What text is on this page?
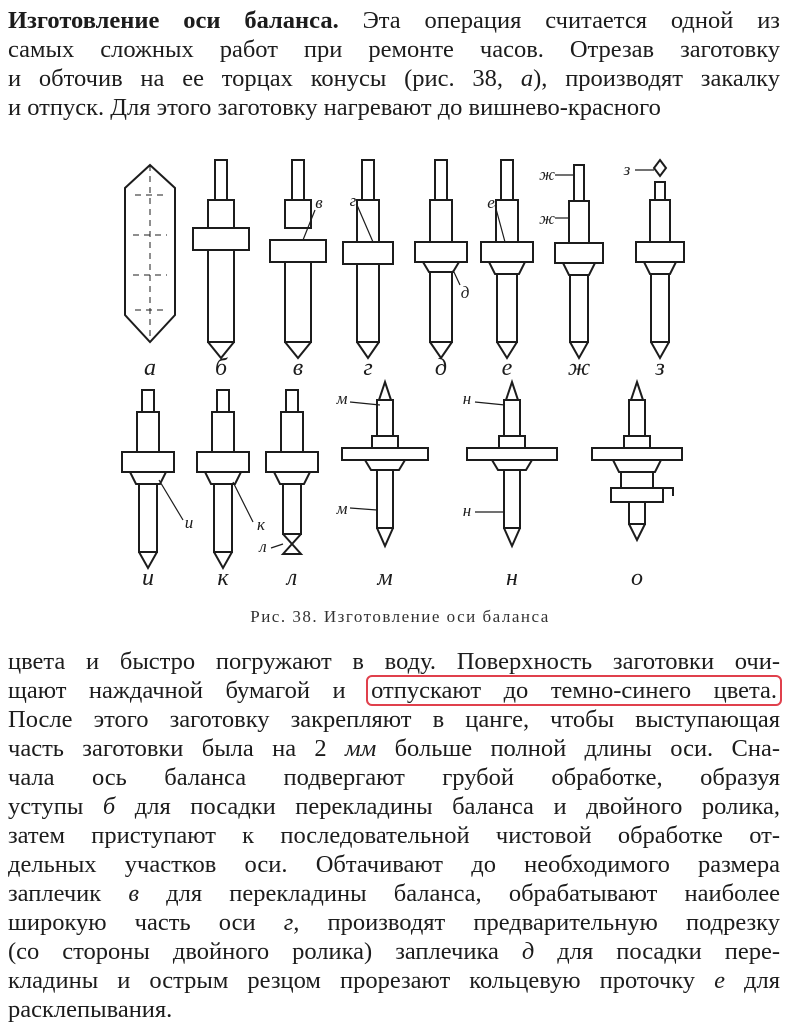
Изготовление оси баланса. Эта операция считается одной из
самых сложных работ при ремонте часов. Отрезав заготовку
и обточив на ее торцах конусы (рис. 38, а), производят закалку
и отпуск. Для этого заготовку нагревают до вишнево-красного
а б	в	г	д е ж	з
и	к л	м	н	о
в г
д
е
ж
ж
з
и	к
л
м
м
н
н
Рис. 38. Изготовление оси баланса
цвета и быстро погружают в воду. Поверхность заготовки очи-
щают наждачной бумагой и отпускают до темно-синего цвета.
После этого заготовку закрепляют в цанге, чтобы выступающая
часть заготовки была на 2 мм больше полной длины оси. Сна-
чала ось баланса подвергают грубой обработке, образуя
уступы б для посадки перекладины баланса и двойного ролика,
затем приступают к последовательной чистовой обработке от-
дельных участков оси. Обтачивают до необходимого размера
заплечик в для перекладины баланса, обрабатывают наиболее
широкую часть оси г, производят предварительную подрезку
(со стороны двойного ролика) заплечика д для посадки пере-
кладины и острым резцом прорезают кольцевую проточку е для
расклепывания.
